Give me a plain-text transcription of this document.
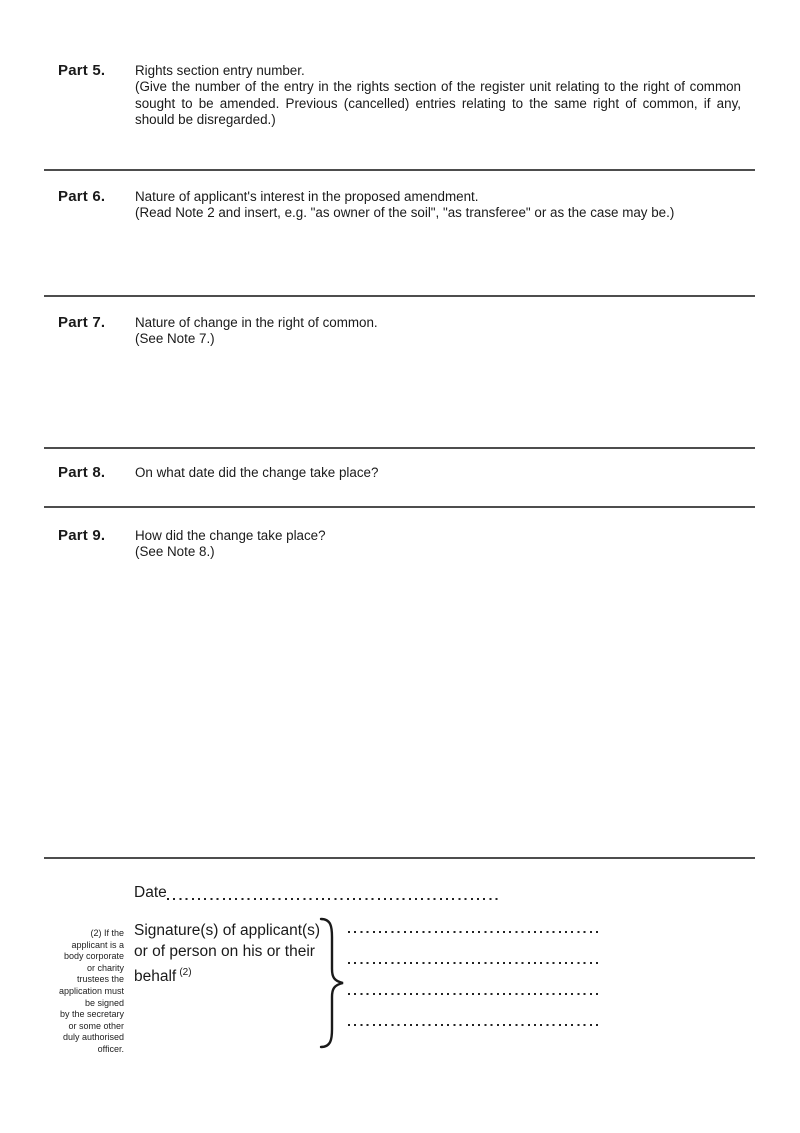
Part 5.	Rights section entry number.
(Give the number of the entry in the rights section of the register unit relating to the right of common sought to be amended. Previous (cancelled) entries relating to the same right of common, if any, should be disregarded.)
Part 6.	Nature of applicant's interest in the proposed amendment.
(Read Note 2 and insert, e.g. "as owner of the soil", "as transferee" or as the case may be.)
Part 7.	Nature of change in the right of common.
(See Note 7.)
Part 8.	On what date did the change take place?
Part 9.	How did the change take place?
(See Note 8.)
Date
Signature(s) of applicant(s)
or of person on his or their
behalf  $^{(2)}$
(2) If the
applicant is a
body corporate
or charity
trustees the
application must
be signed
by the secretary
or some other
duly authorised
officer.
